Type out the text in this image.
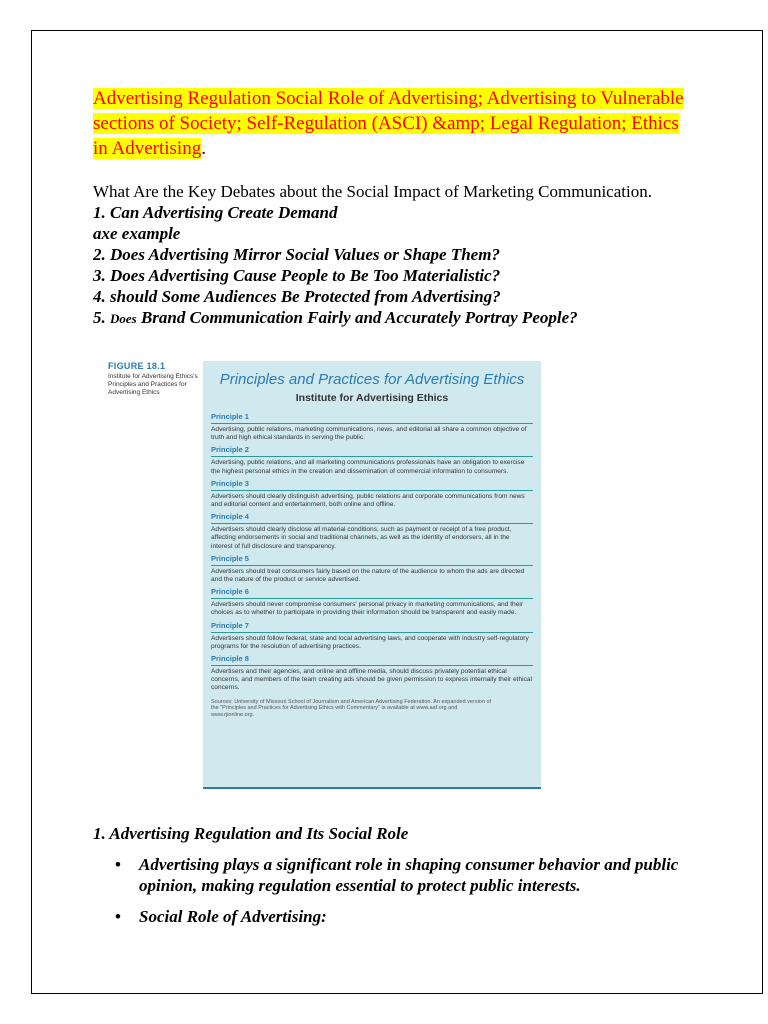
Advertising Regulation Social Role of Advertising; Advertising to Vulnerable sections of Society; Self-Regulation (ASCI) &amp; Legal Regulation; Ethics in Advertising.
What Are the Key Debates about the Social Impact of Marketing Communication.
1. Can Advertising Create Demand
axe example
2. Does Advertising Mirror Social Values or Shape Them?
3. Does Advertising Cause People to Be Too Materialistic?
4. should Some Audiences Be Protected from Advertising?
5. Does Brand Communication Fairly and Accurately Portray People?
FIGURE 18.1
Institute for Advertising Ethics's Principles and Practices for Advertising Ethics
Principles and Practices for Advertising Ethics
Institute for Advertising Ethics
Principle 1
Advertising, public relations, marketing communications, news, and editorial all share a common objective of truth and high ethical standards in serving the public.
Principle 2
Advertising, public relations, and all marketing communications professionals have an obligation to exercise the highest personal ethics in the creation and dissemination of commercial information to consumers.
Principle 3
Advertisers should clearly distinguish advertising, public relations and corporate communications from news and editorial content and entertainment, both online and offline.
Principle 4
Advertisers should clearly disclose all material conditions, such as payment or receipt of a free product, affecting endorsements in social and traditional channels, as well as the identity of endorsers, all in the interest of full disclosure and transparency.
Principle 5
Advertisers should treat consumers fairly based on the nature of the audience to whom the ads are directed and the nature of the product or service advertised.
Principle 6
Advertisers should never compromise consumers' personal privacy in marketing communications, and their choices as to whether to participate in providing their information should be transparent and easily made.
Principle 7
Advertisers should follow federal, state and local advertising laws, and cooperate with industry self-regulatory programs for the resolution of advertising practices.
Principle 8
Advertisers and their agencies, and online and offline media, should discuss privately potential ethical concerns, and members of the team creating ads should be given permission to express internally their ethical concerns.
Sources: University of Missouri School of Journalism and American Advertising Federation. An expanded version of the "Principles and Practices for Advertising Ethics with Commentary" is available at www.aaf.org and www.rjionline.org.
1. Advertising Regulation and Its Social Role
• Advertising plays a significant role in shaping consumer behavior and public opinion, making regulation essential to protect public interests.
• Social Role of Advertising:
